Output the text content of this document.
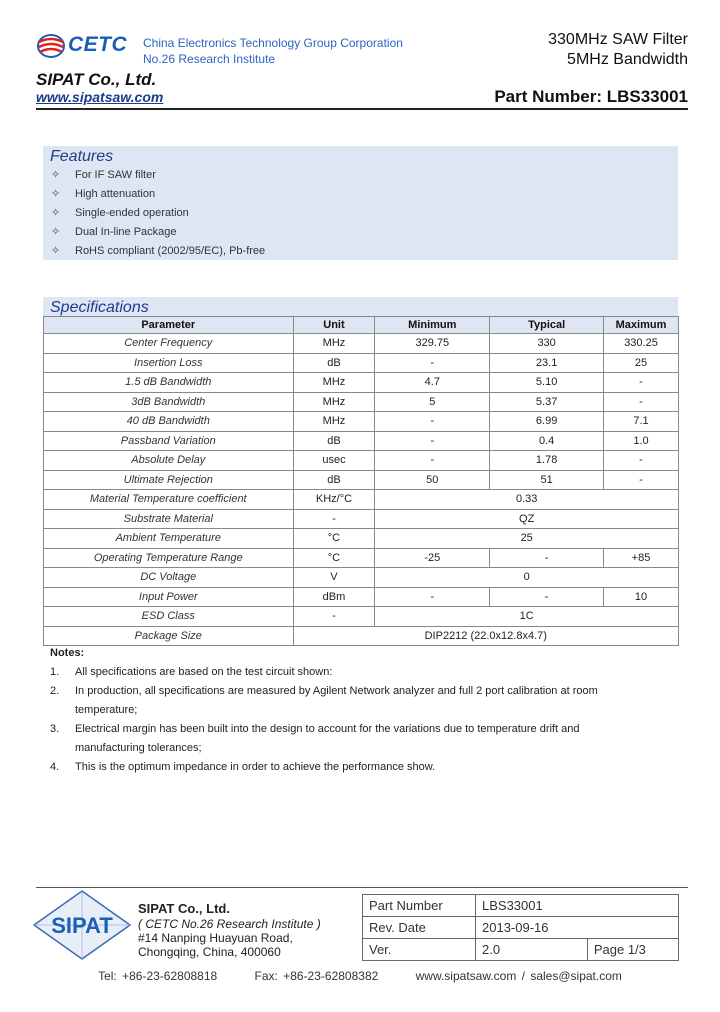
CETC China Electronics Technology Group Corporation
No.26 Research Institute
SIPAT Co., Ltd.
www.sipatsaw.com
330MHz SAW Filter
5MHz Bandwidth
Part Number: LBS33001
Features
✧ For IF SAW filter
✧ High attenuation
✧ Single-ended operation
✧ Dual In-line Package
✧ RoHS compliant (2002/95/EC), Pb-free
Specifications
Parameter	Unit	Minimum	Typical	Maximum
Center Frequency	MHz	329.75	330	330.25
Insertion Loss	dB	-	23.1	25
1.5 dB Bandwidth	MHz	4.7	5.10	-
3dB Bandwidth	MHz	5	5.37	-
40 dB Bandwidth	MHz	-	6.99	7.1
Passband Variation	dB	-	0.4	1.0
Absolute Delay	usec	-	1.78	-
Ultimate Rejection	dB	50	51	-
Material Temperature coefficient	KHz/°C	0.33		
Substrate Material	-	QZ		
Ambient Temperature	°C	25		
Operating Temperature Range	°C	-25	-	+85
DC Voltage	V	0		
Input Power	dBm	-	-	10
ESD Class	-	1C		
Package Size	DIP2212 (22.0x12.8x4.7)			
Notes:
1.	All specifications are based on the test circuit shown:
2.	In production, all specifications are measured by Agilent Network analyzer and full 2 port calibration at room temperature;
3.	Electrical margin has been built into the design to account for the variations due to temperature drift and manufacturing tolerances;
4.	This is the optimum impedance in order to achieve the performance show.
SIPAT
SIPAT Co., Ltd.
( CETC No.26 Research Institute )
#14 Nanping Huayuan Road,
Chongqing, China, 400060
Part Number	LBS33001	
Rev. Date	2013-09-16	
Ver.	2.0	Page 1/3
Tel: +86-23-62808818	Fax: +86-23-62808382	www.sipatsaw.com / sales@sipat.com
